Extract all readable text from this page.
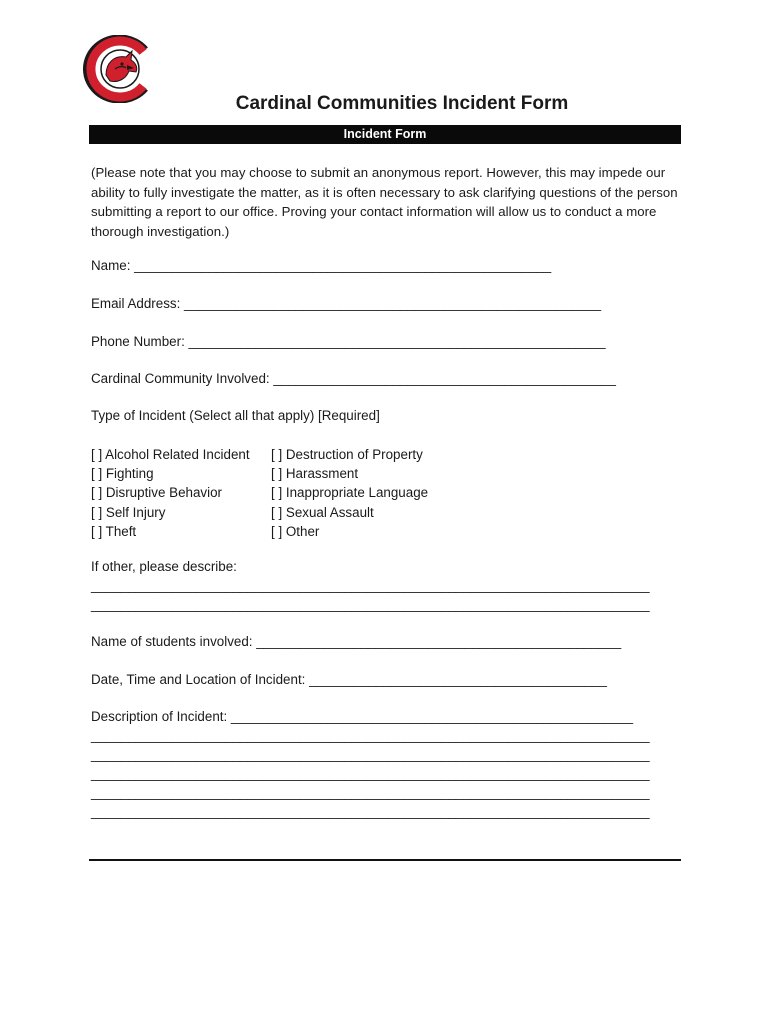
Cardinal Communities Incident Form
Incident Form
(Please note that you may choose to submit an anonymous report. However, this may impede our ability to fully investigate the matter, as it is often necessary to ask clarifying questions of the person submitting a report to our office. Proving your contact information will allow us to conduct a more thorough investigation.)
Name: ________________________________________________________
Email Address: ________________________________________________________
Phone Number: ________________________________________________________
Cardinal Community Involved: ______________________________________________
Type of Incident (Select all that apply) [Required]
[ ] Alcohol Related Incident
[ ] Fighting
[ ] Disruptive Behavior
[ ] Self Injury
[ ] Theft
[ ] Destruction of Property
[ ] Harassment
[ ] Inappropriate Language
[ ] Sexual Assault
[ ] Other
If other, please describe:
___________________________________________________________________________
___________________________________________________________________________
Name of students involved: _________________________________________________
Date, Time and Location of Incident: ________________________________________
Description of Incident: ______________________________________________________
___________________________________________________________________________
___________________________________________________________________________
___________________________________________________________________________
___________________________________________________________________________
___________________________________________________________________________
